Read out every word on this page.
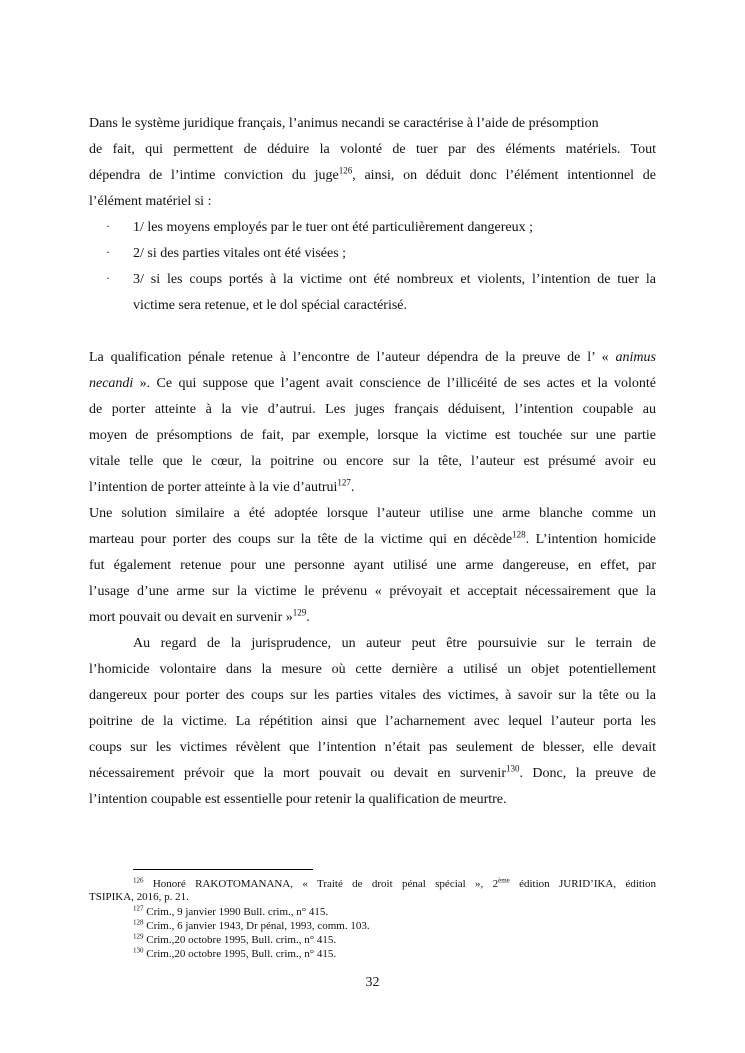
Dans le système juridique français, l’animus necandi se caractérise à l’aide de présomption
de fait, qui permettent de déduire la volonté de tuer par des éléments matériels. Tout
dépendra de l’intime conviction du juge$^{126}$, ainsi, on déduit donc l’élément intentionnel de
l’élément matériel si :
· 1/ les moyens employés par le tuer ont été particulièrement dangereux ;
· 2/ si des parties vitales ont été visées ;
· 3/ si les coups portés à la victime ont été nombreux et violents, l’intention de tuer la
victime sera retenue, et le dol spécial caractérisé.
La qualification pénale retenue à l’encontre de l’auteur dépendra de la preuve de l’ « animus
necandi ». Ce qui suppose que l’agent avait conscience de l’illicéité de ses actes et la volonté
de porter atteinte à la vie d’autrui. Les juges français déduisent, l’intention coupable au
moyen de présomptions de fait, par exemple, lorsque la victime est touchée sur une partie
vitale telle que le cœur, la poitrine ou encore sur la tête, l’auteur est présumé avoir eu
l’intention de porter atteinte à la vie d’autrui$^{127}$.
Une solution similaire a été adoptée lorsque l’auteur utilise une arme blanche comme un
marteau pour porter des coups sur la tête de la victime qui en décède$^{128}$. L’intention homicide
fut également retenue pour une personne ayant utilisé une arme dangereuse, en effet, par
l’usage d’une arme sur la victime le prévenu « prévoyait et acceptait nécessairement que la
mort pouvait ou devait en survenir »$^{129}$.
Au regard de la jurisprudence, un auteur peut être poursuivie sur le terrain de
l’homicide volontaire dans la mesure où cette dernière a utilisé un objet potentiellement
dangereux pour porter des coups sur les parties vitales des victimes, à savoir sur la tête ou la
poitrine de la victime. La répétition ainsi que l’acharnement avec lequel l’auteur porta les
coups sur les victimes révèlent que l’intention n’était pas seulement de blesser, elle devait
nécessairement prévoir que la mort pouvait ou devait en survenir$^{130}$. Donc, la preuve de
l’intention coupable est essentielle pour retenir la qualification de meurtre.
$^{126}$ Honoré RAKOTOMANANA, « Traité de droit pénal spécial », 2ème édition JURID’IKA, édition
TSIPIKA, 2016, p. 21.
$^{127}$ Crim., 9 janvier 1990 Bull. crim., n° 415.
$^{128}$ Crim., 6 janvier 1943, Dr pénal, 1993, comm. 103.
$^{129}$ Crim.,20 octobre 1995, Bull. crim., n° 415.
$^{130}$ Crim.,20 octobre 1995, Bull. crim., n° 415.
32
